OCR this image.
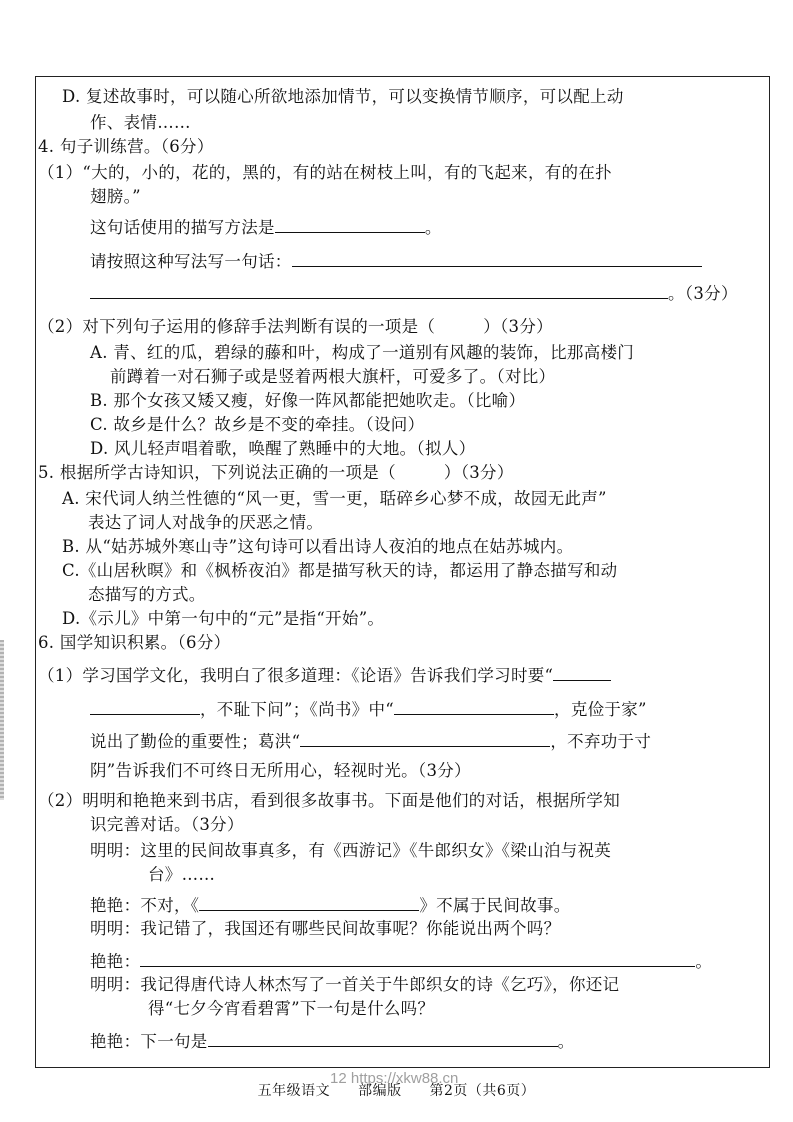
D. 复述故事时，可以随心所欲地添加情节，可以变换情节顺序，可以配上动
作、表情……
4. 句子训练营。（6分）
（1）“大的，小的，花的，黑的，有的站在树枝上叫，有的飞起来，有的在扑
翅膀。”
这句话使用的描写方法是	。
请按照这种写法写一句话：
。（3分）
（2）对下列句子运用的修辞手法判断有误的一项是（	）（3分）
A. 青、红的瓜，碧绿的藤和叶，构成了一道别有风趣的装饰，比那高楼门
前蹲着一对石狮子或是竖着两根大旗杆，可爱多了。（对比）
B. 那个女孩又矮又瘦，好像一阵风都能把她吹走。（比喻）
C. 故乡是什么？故乡是不变的牵挂。（设问）
D. 风儿轻声唱着歌，唤醒了熟睡中的大地。（拟人）
5. 根据所学古诗知识，下列说法正确的一项是（	）（3分）
A. 宋代词人纳兰性德的“风一更，雪一更，聒碎乡心梦不成，故园无此声”
表达了词人对战争的厌恶之情。
B. 从“姑苏城外寒山寺”这句诗可以看出诗人夜泊的地点在姑苏城内。
C.《山居秋暝》和《枫桥夜泊》都是描写秋天的诗，都运用了静态描写和动
态描写的方式。
D.《示儿》中第一句中的“元”是指“开始”。
6. 国学知识积累。（6分）
（1）学习国学文化，我明白了很多道理：《论语》告诉我们学习时要“
，不耻下问”；《尚书》中“	，克俭于家”
说出了勤俭的重要性；葛洪“	，不弃功于寸
阴”告诉我们不可终日无所用心，轻视时光。（3分）
（2）明明和艳艳来到书店，看到很多故事书。下面是他们的对话，根据所学知
识完善对话。（3分）
明明：这里的民间故事真多，有《西游记》《牛郎织女》《梁山泊与祝英
台》……
艳艳：不对，《	》不属于民间故事。
明明：我记错了，我国还有哪些民间故事呢？你能说出两个吗？
艳艳：	。
明明：我记得唐代诗人林杰写了一首关于牛郎织女的诗《乞巧》，你还记
得“七夕今宵看碧霄”下一句是什么吗？
艳艳：下一句是	。
12 https://xkw88.cn
五年级语文 部编版 第2页（共6页）
